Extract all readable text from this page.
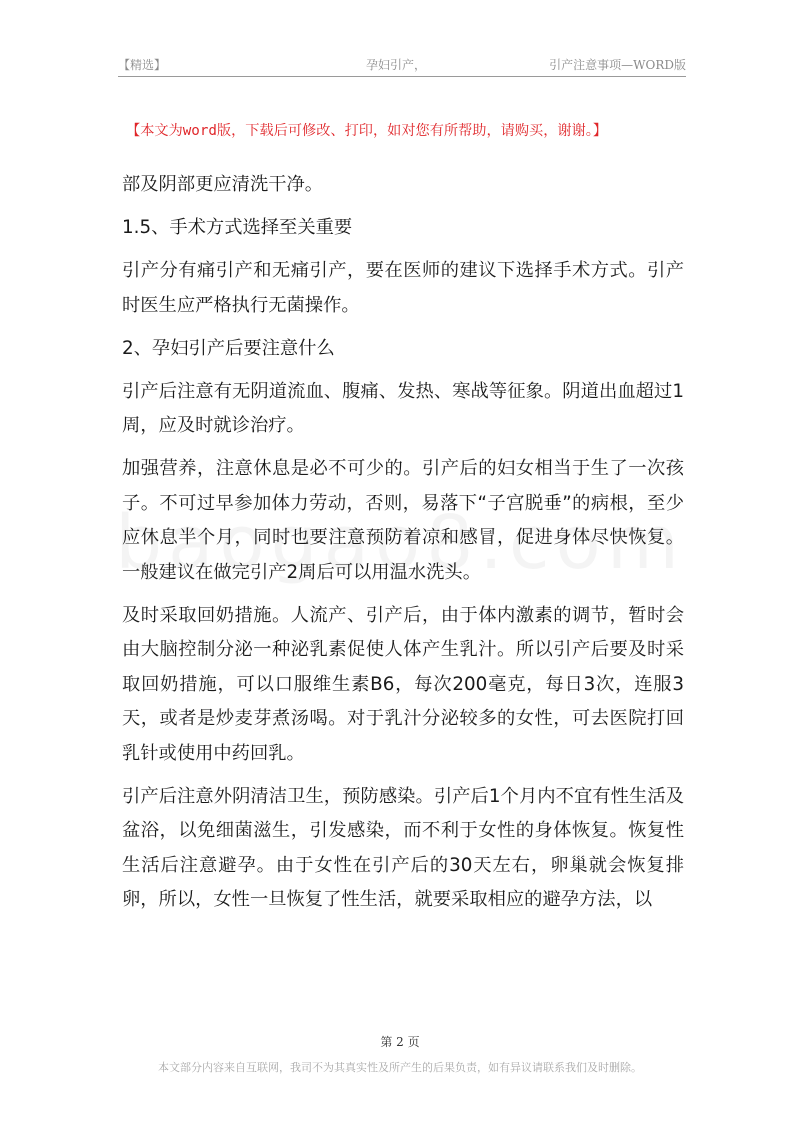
【精选】	孕妇引产，	引产注意事项—WORD版
【本文为word版，下载后可修改、打印，如对您有所帮助，请购买，谢谢。】

部及阴部更应清洗干净。

1.5、手术方式选择至关重要

引产分有痛引产和无痛引产，要在医师的建议下选择手术方式。引产时医生应严格执行无菌操作。

2、孕妇引产后要注意什么

引产后注意有无阴道流血、腹痛、发热、寒战等征象。阴道出血超过1周，应及时就诊治疗。

加强营养，注意休息是必不可少的。引产后的妇女相当于生了一次孩子。不可过早参加体力劳动，否则，易落下“子宫脱垂”的病根，至少应休息半个月，同时也要注意预防着凉和感冒，促进身体尽快恢复。一般建议在做完引产2周后可以用温水洗头。

及时采取回奶措施。人流产、引产后，由于体内激素的调节，暂时会由大脑控制分泌一种泌乳素促使人体产生乳汁。所以引产后要及时采取回奶措施，可以口服维生素B6，每次200毫克，每日3次，连服3天，或者是炒麦芽煮汤喝。对于乳汁分泌较多的女性，可去医院打回乳针或使用中药回乳。

引产后注意外阴清洁卫生，预防感染。引产后1个月内不宜有性生活及盆浴，以免细菌滋生，引发感染，而不利于女性的身体恢复。恢复性生活后注意避孕。由于女性在引产后的30天左右，卵巢就会恢复排卵，所以，女性一旦恢复了性生活，就要采取相应的避孕方法，以

第 2 页
本文部分内容来自互联网，我司不为其真实性及所产生的后果负责，如有异议请联系我们及时删除。
